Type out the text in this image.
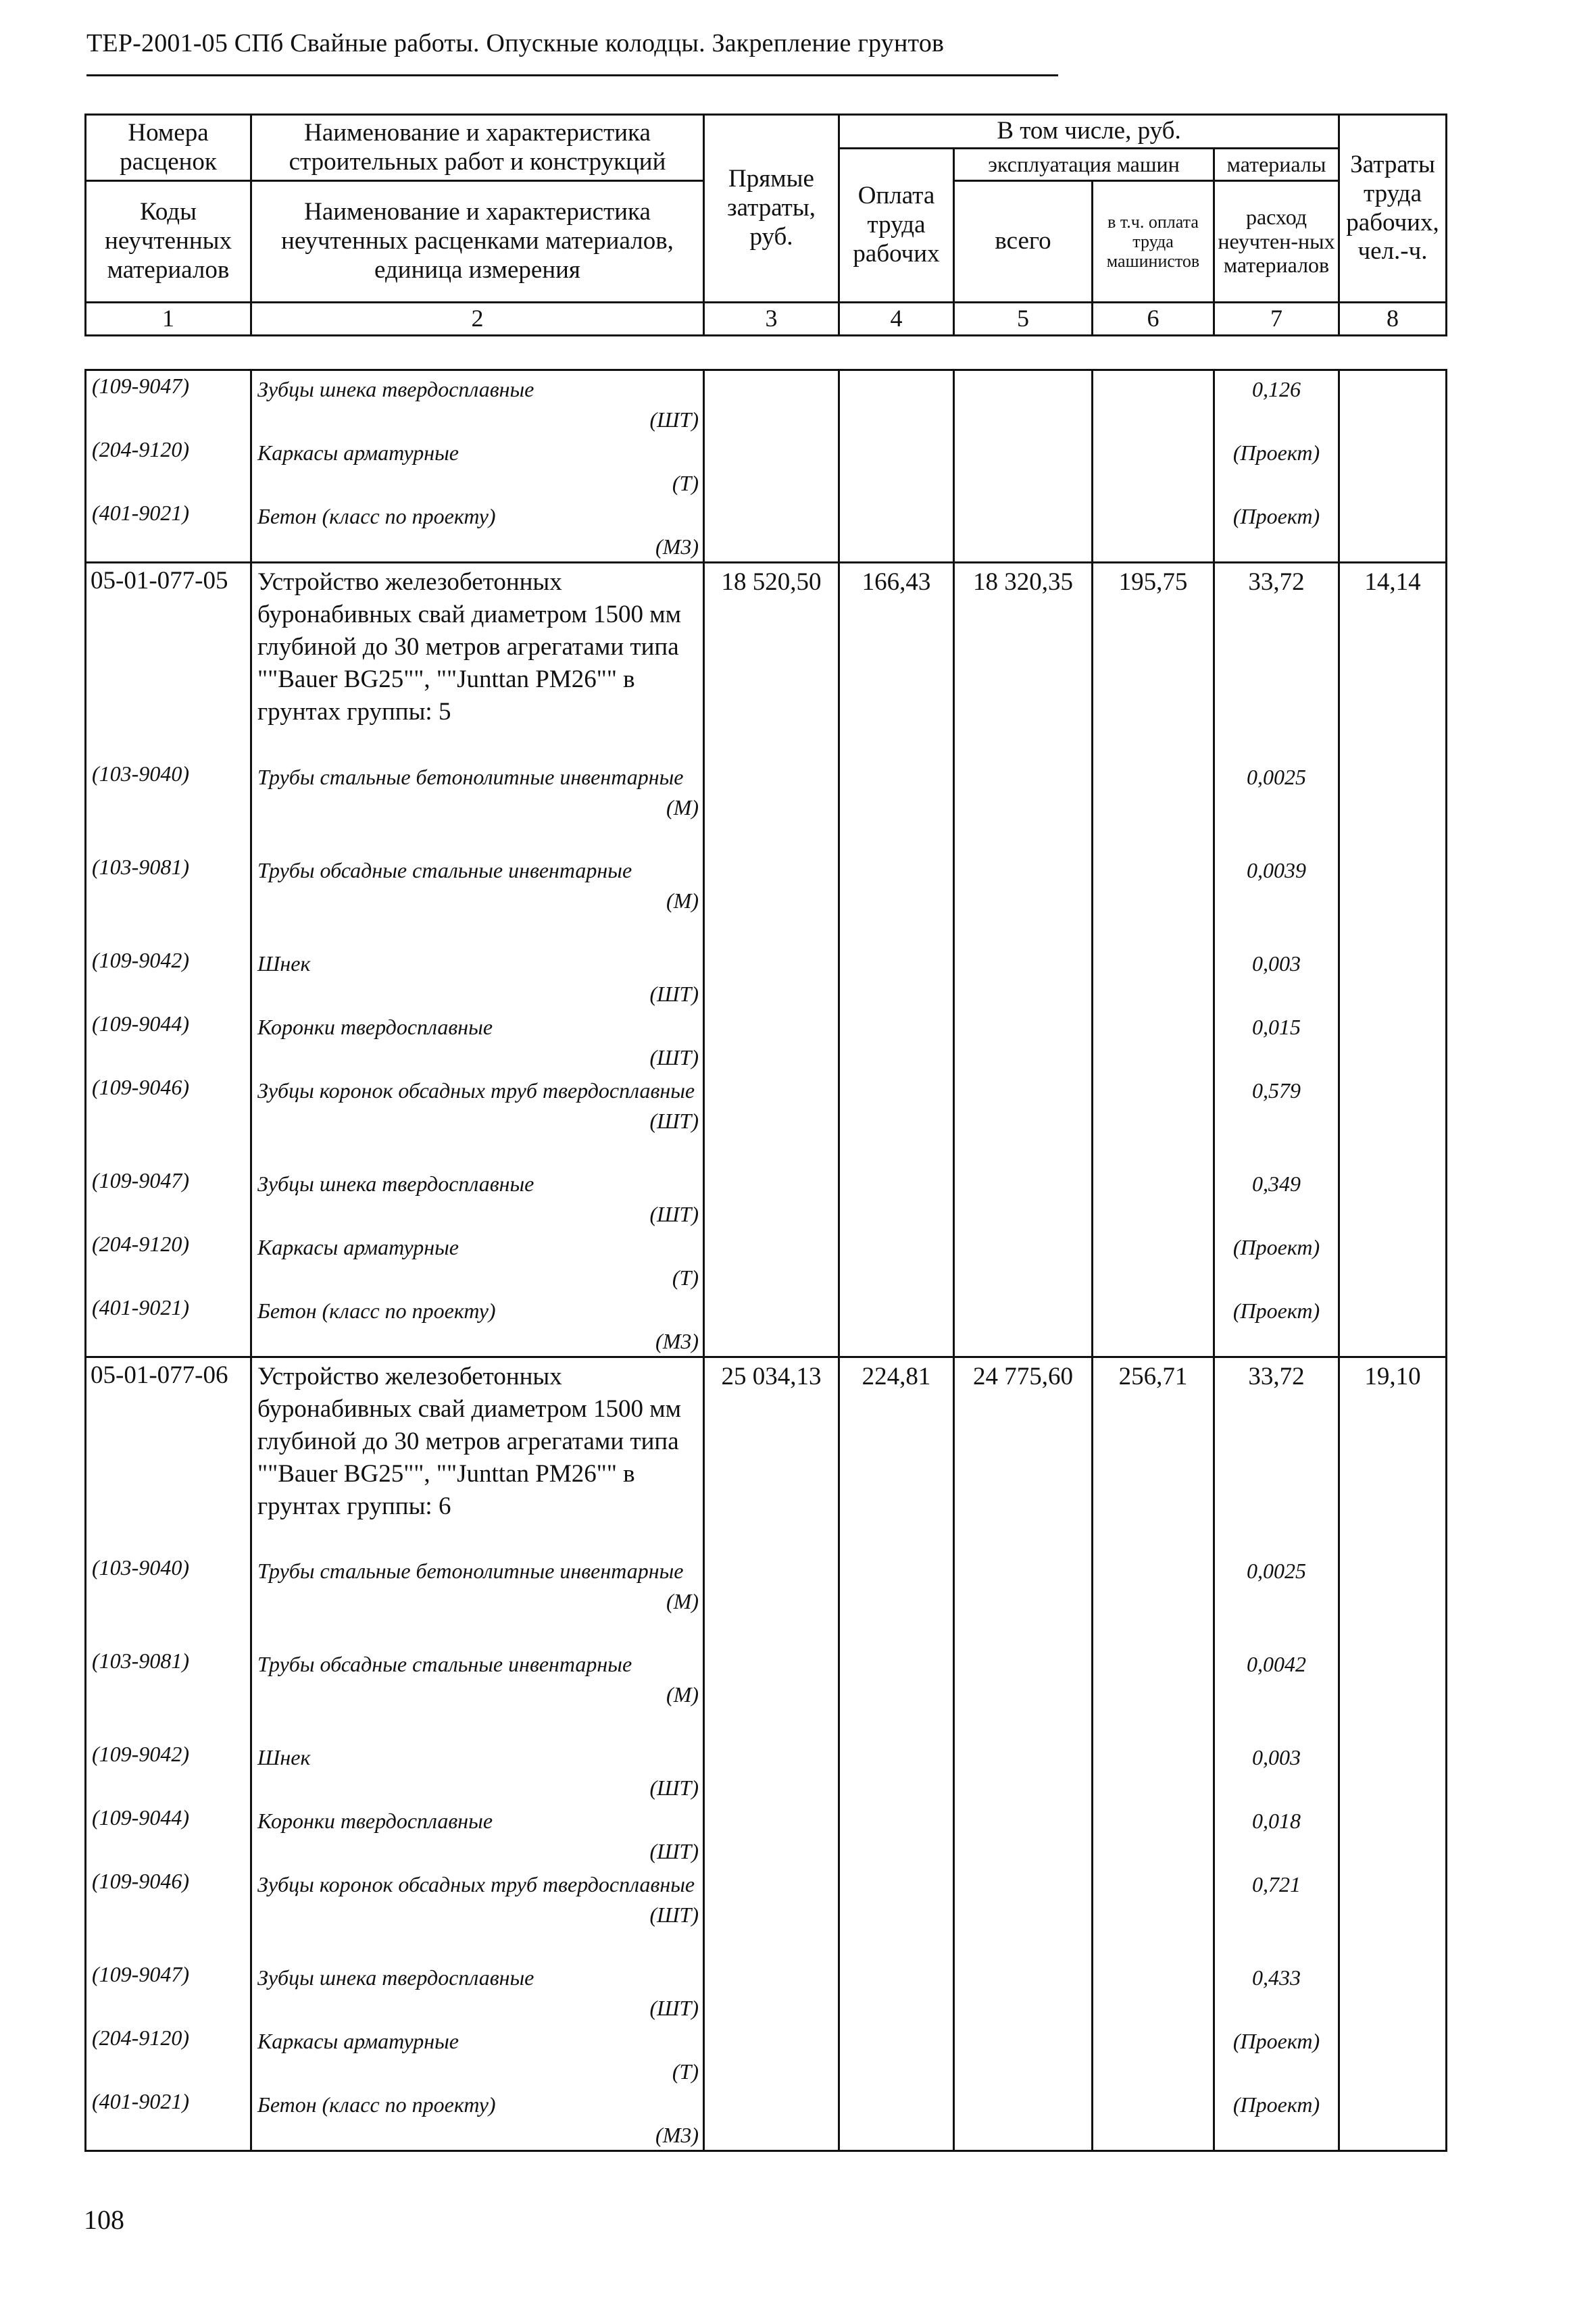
ТЕР-2001-05 СПб Свайные работы. Опускные колодцы. Закрепление грунтов
Номера расценок	Наименование и характеристика строительных работ и конструкций	Прямые затраты, руб.	В том числе, руб.				Затраты труда рабочих, чел.-ч.
			Оплата труда рабочих	эксплуатация машин		материалы	
Коды неучтенных материалов	Наименование и характеристика неучтенных расценками материалов, единица измерения			всего	в т.ч. оплата труда машинистов	расход неучтен-ных материалов	
1	2	3	4	5	6	7	8
(109-9047)	Зубцы шнека твердосплавные
(ШТ)					0,126	
(204-9120)	Каркасы арматурные
(Т)					(Проект)	
(401-9021)	Бетон (класс по проекту)
(М3)					(Проект)	
05-01-077-05	Устройство железобетонных буронабивных свай диаметром 1500 мм глубиной до 30 метров агрегатами типа ""Bauer BG25"", ""Junttan PM26"" в грунтах группы: 5	18 520,50	166,43	18 320,35	195,75	33,72	14,14
(103-9040)	Трубы стальные бетонолитные инвентарные
(М)					0,0025	
(103-9081)	Трубы обсадные стальные инвентарные
(М)					0,0039	
(109-9042)	Шнек
(ШТ)					0,003	
(109-9044)	Коронки твердосплавные
(ШТ)					0,015	
(109-9046)	Зубцы коронок обсадных труб твердосплавные
(ШТ)					0,579	
(109-9047)	Зубцы шнека твердосплавные
(ШТ)					0,349	
(204-9120)	Каркасы арматурные
(Т)					(Проект)	
(401-9021)	Бетон (класс по проекту)
(М3)					(Проект)	
05-01-077-06	Устройство железобетонных буронабивных свай диаметром 1500 мм глубиной до 30 метров агрегатами типа ""Bauer BG25"", ""Junttan PM26"" в грунтах группы: 6	25 034,13	224,81	24 775,60	256,71	33,72	19,10
(103-9040)	Трубы стальные бетонолитные инвентарные
(М)					0,0025	
(103-9081)	Трубы обсадные стальные инвентарные
(М)					0,0042	
(109-9042)	Шнек
(ШТ)					0,003	
(109-9044)	Коронки твердосплавные
(ШТ)					0,018	
(109-9046)	Зубцы коронок обсадных труб твердосплавные
(ШТ)					0,721	
(109-9047)	Зубцы шнека твердосплавные
(ШТ)					0,433	
(204-9120)	Каркасы арматурные
(Т)					(Проект)	
(401-9021)	Бетон (класс по проекту)
(М3)					(Проект)	
108
